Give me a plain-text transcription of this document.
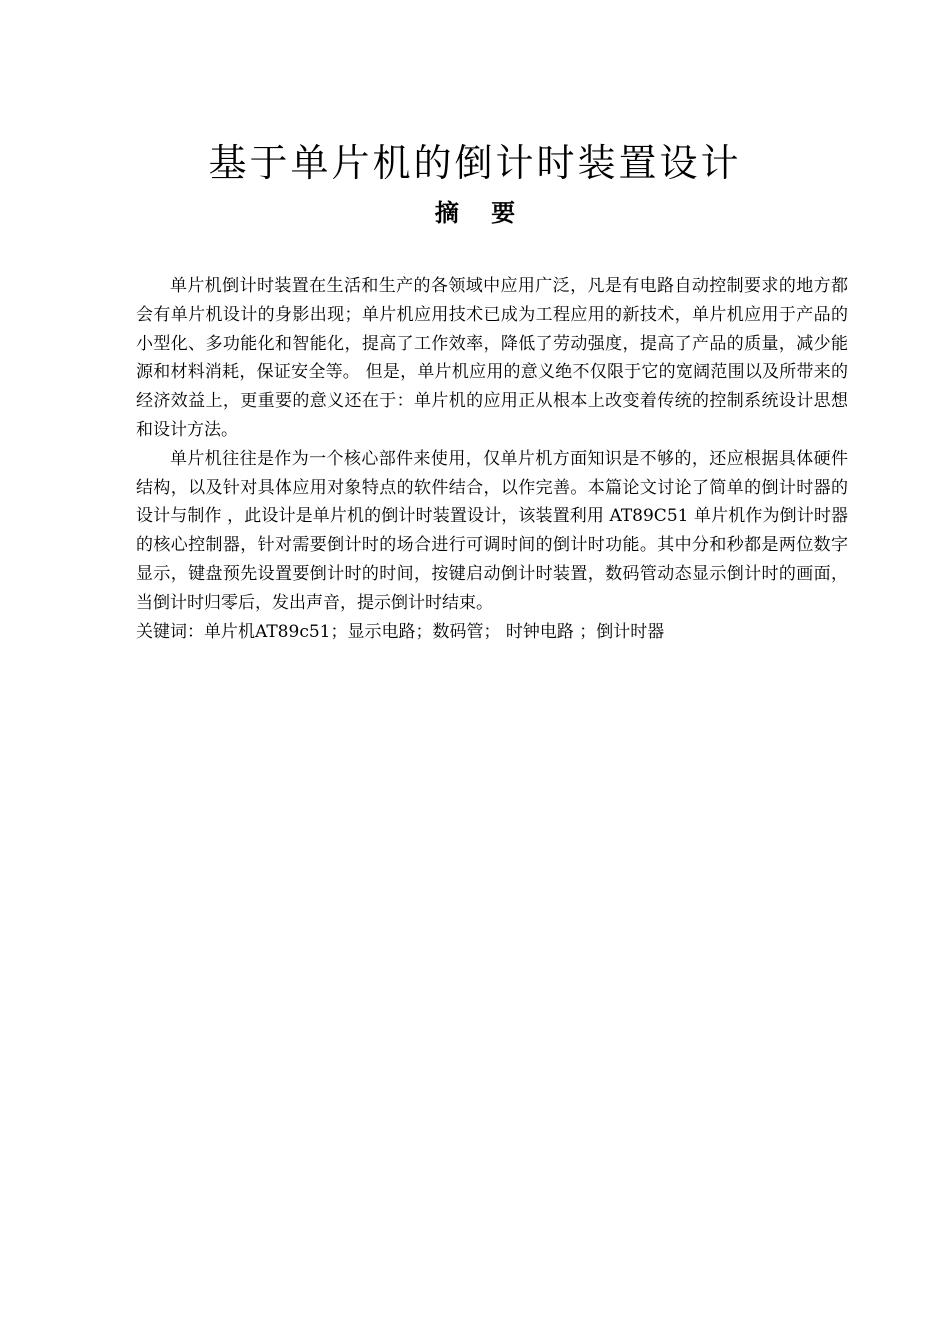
基于单片机的倒计时装置设计
摘 要

单片机倒计时装置在生活和生产的各领域中应用广泛，凡是有电路自动控制要求的地方都会有单片机设计的身影出现；单片机应用技术已成为工程应用的新技术，单片机应用于产品的小型化、多功能化和智能化，提高了工作效率，降低了劳动强度，提高了产品的质量，减少能源和材料消耗，保证安全等。 但是，单片机应用的意义绝不仅限于它的宽阔范围以及所带来的经济效益上，更重要的意义还在于：单片机的应用正从根本上改变着传统的控制系统设计思想和设计方法。

单片机往往是作为一个核心部件来使用，仅单片机方面知识是不够的，还应根据具体硬件结构，以及针对具体应用对象特点的软件结合，以作完善。本篇论文讨论了简单的倒计时器的设计与制作 ，此设计是单片机的倒计时装置设计，该装置利用 AT89C51 单片机作为倒计时器的核心控制器，针对需要倒计时的场合进行可调时间的倒计时功能。其中分和秒都是两位数字显示，键盘预先设置要倒计时的时间，按键启动倒计时装置，数码管动态显示倒计时的画面，当倒计时归零后，发出声音，提示倒计时结束。

关键词：单片机AT89c51；显示电路；数码管； 时钟电路 ；倒计时器
